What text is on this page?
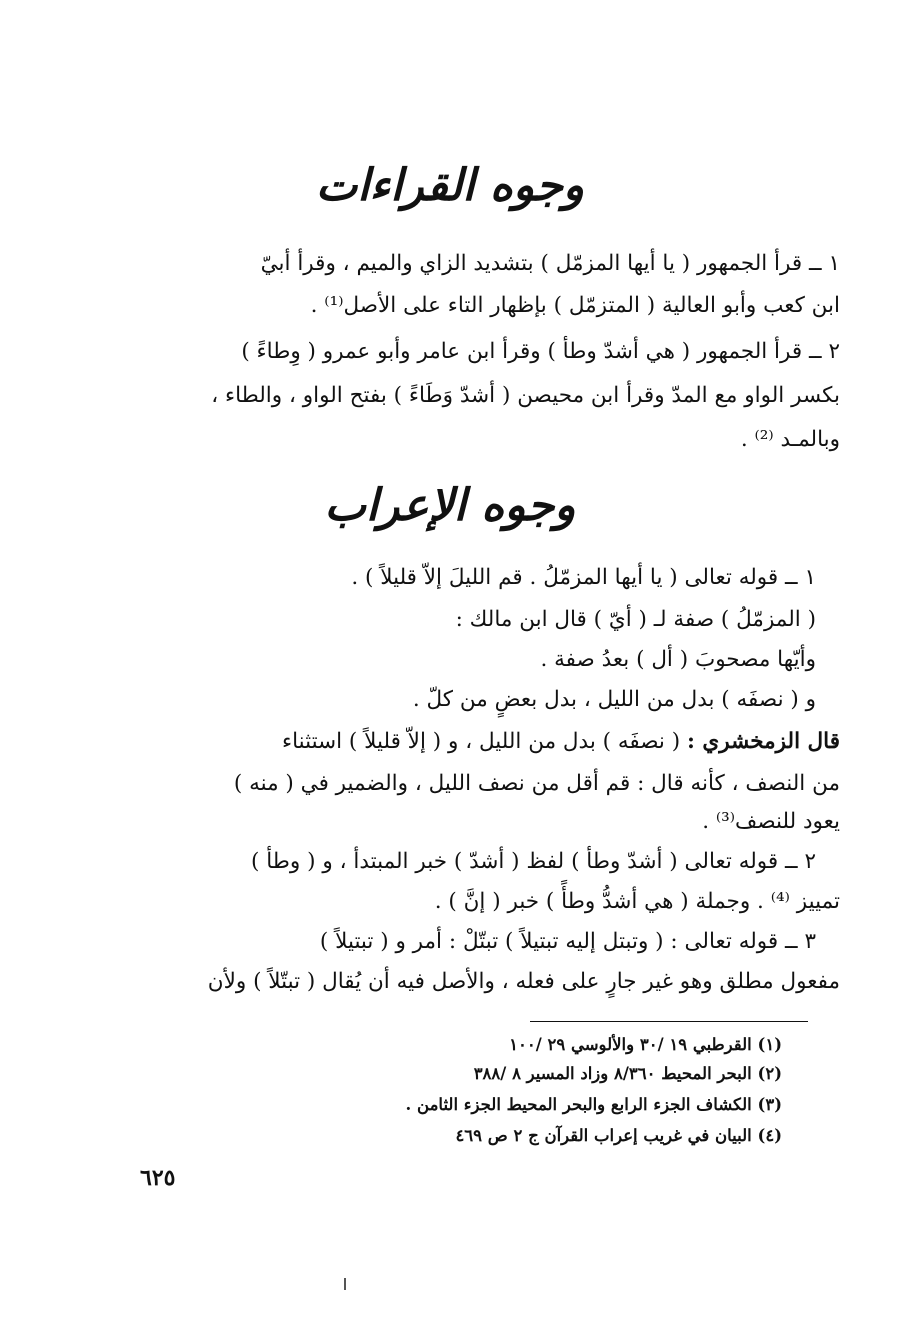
وجوه القراءات
١ ــ قرأ الجمهور ( يا أيها المزمّل ) بتشديد الزاي والميم ، وقرأ أبيّ
ابن كعب وأبو العالية ( المتزمّل ) بإظهار التاء على الأصل⁽¹⁾ .
٢ ــ قرأ الجمهور ( هي أشدّ وطأ ) وقرأ ابن عامر وأبو عمرو ( وِطاءً )
بكسر الواو مع المدّ وقرأ ابن محيصن ( أشدّ وَطَاءً ) بفتح الواو ، والطاء ،
وبالمـد ⁽²⁾ .
وجوه الإعراب
١ ــ قوله تعالى ( يا أيها المزمّلُ . قم الليلَ إلاّ قليلاً ) .
( المزمّلُ ) صفة لـ ( أيّ ) قال ابن مالك :
وأيّها مصحوبَ ( أل ) بعدُ صفة .
و ( نصفَه ) بدل من الليل ، بدل بعضٍ من كلّ .
قال الزمخشري : ( نصفَه ) بدل من الليل ، و ( إلاّ قليلاً ) استثناء
من النصف ، كأنه قال : قم أقل من نصف الليل ، والضمير في ( منه )
يعود للنصف⁽³⁾ .
٢ ــ قوله تعالى ( أشدّ وطأ ) لفظ ( أشدّ ) خبر المبتدأ ، و ( وطأ )
تمييز ⁽⁴⁾ . وجملة ( هي أشدُّ وطأً ) خبر ( إنَّ ) .
٣ ــ قوله تعالى : ( وتبتل إليه تبتيلاً ) تبتّلْ : أمر و ( تبتيلاً )
مفعول مطلق وهو غير جارٍ على فعله ، والأصل فيه أن يُقال ( تبتّلاً ) ولأن
(١) القرطبي ١٩ /٣٠ والألوسي ٢٩ /١٠٠
(٢) البحر المحيط ٨/٣٦٠ وزاد المسير ٨ /٣٨٨
(٣) الكشاف الجزء الرابع والبحر المحيط الجزء الثامن .
(٤) البيان في غريب إعراب القرآن ج ٢ ص ٤٦٩
٦٢٥
